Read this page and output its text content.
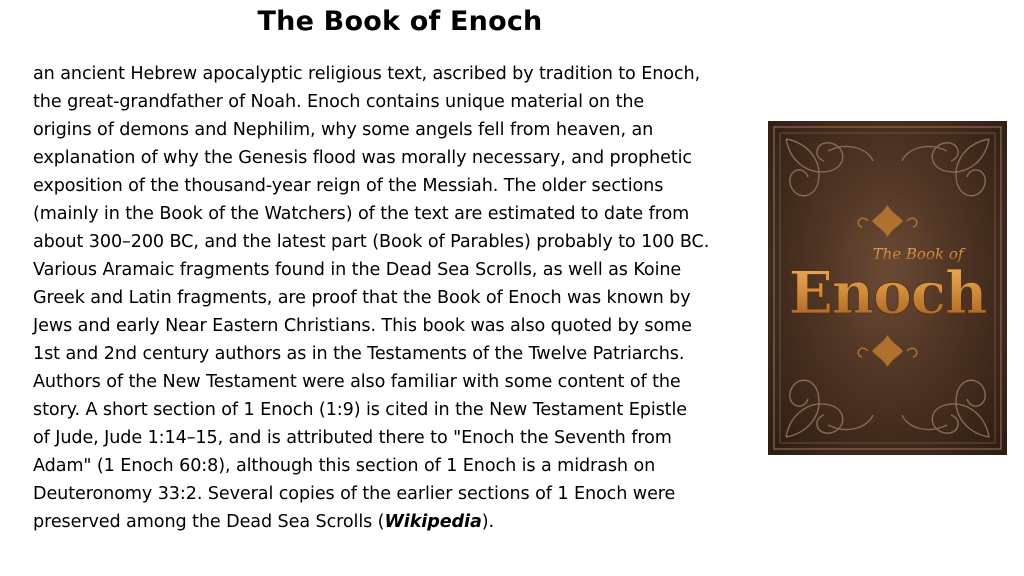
The Book of Enoch
an ancient Hebrew apocalyptic religious text, ascribed by tradition to Enoch,
the great-grandfather of Noah. Enoch contains unique material on the
origins of demons and Nephilim, why some angels fell from heaven, an
explanation of why the Genesis flood was morally necessary, and prophetic
exposition of the thousand-year reign of the Messiah. The older sections
(mainly in the Book of the Watchers) of the text are estimated to date from
about 300–200 BC, and the latest part (Book of Parables) probably to 100 BC.
Various Aramaic fragments found in the Dead Sea Scrolls, as well as Koine
Greek and Latin fragments, are proof that the Book of Enoch was known by
Jews and early Near Eastern Christians. This book was also quoted by some
1st and 2nd century authors as in the Testaments of the Twelve Patriarchs.
Authors of the New Testament were also familiar with some content of the
story. A short section of 1 Enoch (1:9) is cited in the New Testament Epistle
of Jude, Jude 1:14–15, and is attributed there to "Enoch the Seventh from
Adam" (1 Enoch 60:8), although this section of 1 Enoch is a midrash on
Deuteronomy 33:2. Several copies of the earlier sections of 1 Enoch were
preserved among the Dead Sea Scrolls (Wikipedia).
The Book of
Enoch
